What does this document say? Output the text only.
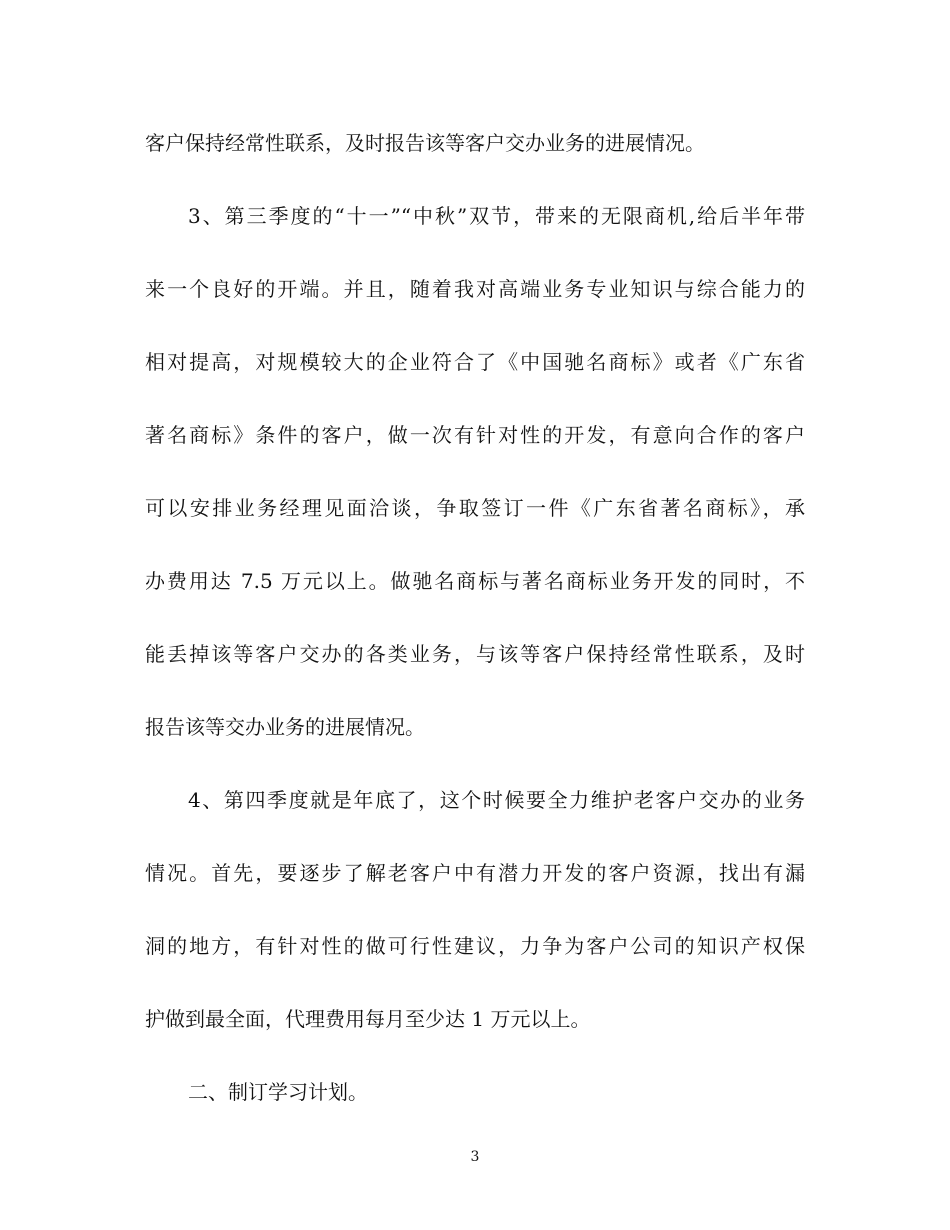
客户保持经常性联系，及时报告该等客户交办业务的进展情况。
3、第三季度的“十一”“中秋”双节，带来的无限商机,给后半年带
来一个良好的开端。并且，随着我对高端业务专业知识与综合能力的
相对提高，对规模较大的企业符合了《中国驰名商标》或者《广东省
著名商标》条件的客户，做一次有针对性的开发，有意向合作的客户
可以安排业务经理见面洽谈，争取签订一件《广东省著名商标》，承
办费用达 7.5 万元以上。做驰名商标与著名商标业务开发的同时，不
能丢掉该等客户交办的各类业务，与该等客户保持经常性联系，及时
报告该等交办业务的进展情况。
4、第四季度就是年底了，这个时候要全力维护老客户交办的业务
情况。首先，要逐步了解老客户中有潜力开发的客户资源，找出有漏
洞的地方，有针对性的做可行性建议，力争为客户公司的知识产权保
护做到最全面，代理费用每月至少达 1 万元以上。
二、制订学习计划。
3
